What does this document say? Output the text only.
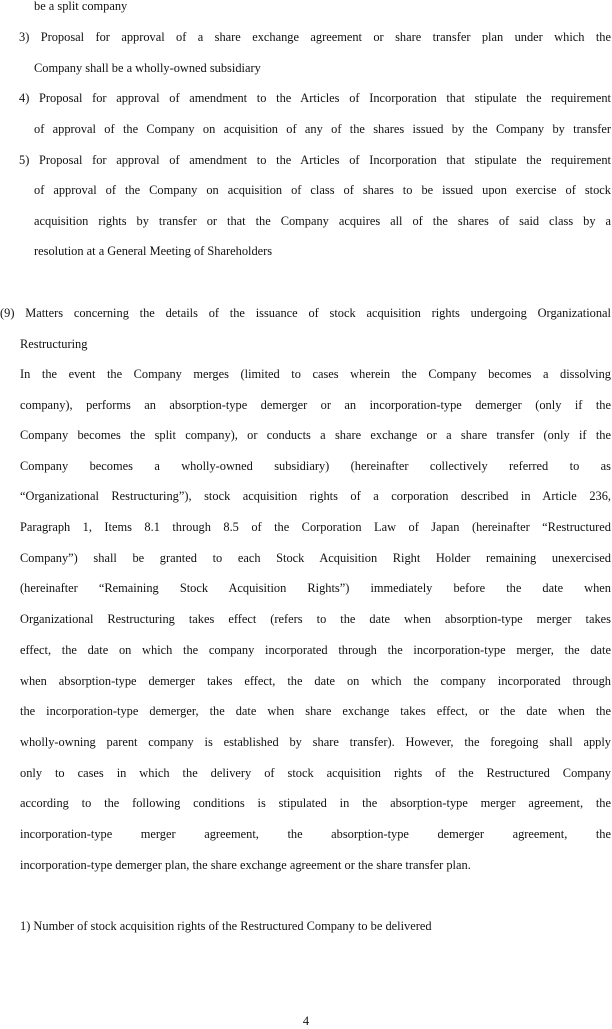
be a split company
3) Proposal for approval of a share exchange agreement or share transfer plan under which the
Company shall be a wholly-owned subsidiary
4) Proposal for approval of amendment to the Articles of Incorporation that stipulate the requirement
of approval of the Company on acquisition of any of the shares issued by the Company by transfer
5) Proposal for approval of amendment to the Articles of Incorporation that stipulate the requirement
of approval of the Company on acquisition of class of shares to be issued upon exercise of stock
acquisition rights by transfer or that the Company acquires all of the shares of said class by a
resolution at a General Meeting of Shareholders
(9) Matters concerning the details of the issuance of stock acquisition rights undergoing Organizational
Restructuring
In the event the Company merges (limited to cases wherein the Company becomes a dissolving
company), performs an absorption-type demerger or an incorporation-type demerger (only if the
Company becomes the split company), or conducts a share exchange or a share transfer (only if the
Company becomes a wholly-owned subsidiary) (hereinafter collectively referred to as
“Organizational Restructuring”), stock acquisition rights of a corporation described in Article 236,
Paragraph 1, Items 8.1 through 8.5 of the Corporation Law of Japan (hereinafter “Restructured
Company”) shall be granted to each Stock Acquisition Right Holder remaining unexercised
(hereinafter “Remaining Stock Acquisition Rights”) immediately before the date when
Organizational Restructuring takes effect (refers to the date when absorption-type merger takes
effect, the date on which the company incorporated through the incorporation-type merger, the date
when absorption-type demerger takes effect, the date on which the company incorporated through
the incorporation-type demerger, the date when share exchange takes effect, or the date when the
wholly-owning parent company is established by share transfer). However, the foregoing shall apply
only to cases in which the delivery of stock acquisition rights of the Restructured Company
according to the following conditions is stipulated in the absorption-type merger agreement, the
incorporation-type merger agreement, the absorption-type demerger agreement, the
incorporation-type demerger plan, the share exchange agreement or the share transfer plan.
1) Number of stock acquisition rights of the Restructured Company to be delivered
4
